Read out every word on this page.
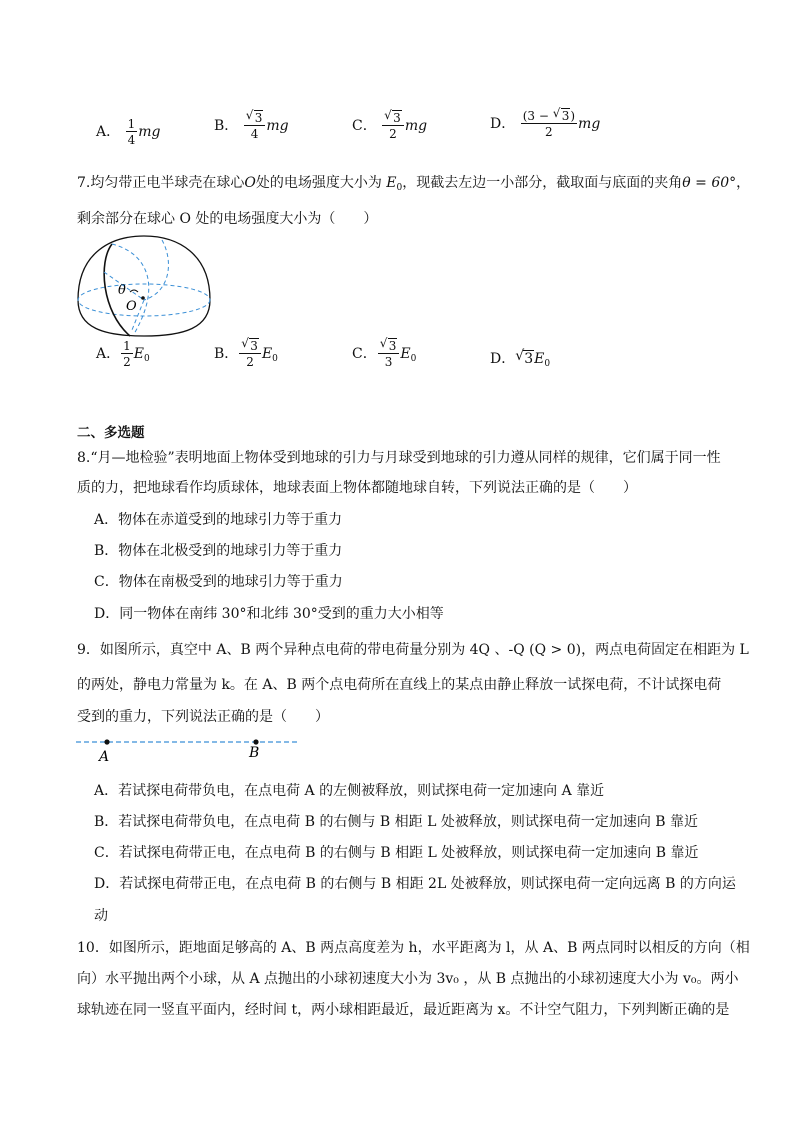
A． $\frac{1}{4}$ mg	B． $\frac{√ 3}{4}$ mg	C． $\frac{√ 3}{2}$ mg	D． $\frac{(3 - √ 3)}{2}$ mg
7.均匀带正电半球壳在球心O处的电场强度大小为 $E_0$，现截去左边一小部分，截取面与底面的夹角θ = 60°，
剩余部分在球心 O 处的电场强度大小为（　　）
θ
O
A． $\frac{1}{2} E_0$	B． $\frac{√ 3}{2} E_0$	C． $\frac{√ 3}{3} E_0$	D． √ $3E_0$
二、多选题
8.“月—地检验”表明地面上物体受到地球的引力与月球受到地球的引力遵从同样的规律，它们属于同一性
质的力，把地球看作均质球体，地球表面上物体都随地球自转，下列说法正确的是（　　）
A．物体在赤道受到的地球引力等于重力
B．物体在北极受到的地球引力等于重力
C．物体在南极受到的地球引力等于重力
D．同一物体在南纬 30°和北纬 30°受到的重力大小相等
9．如图所示，真空中 A、B 两个异种点电荷的带电荷量分别为 4Q 、-Q (Q > 0)，两点电荷固定在相距为 L
的两处，静电力常量为 k。在 A、B 两个点电荷所在直线上的某点由静止释放一试探电荷，不计试探电荷
受到的重力，下列说法正确的是（　　）
A	B
A．若试探电荷带负电，在点电荷 A 的左侧被释放，则试探电荷一定加速向 A 靠近
B．若试探电荷带负电，在点电荷 B 的右侧与 B 相距 L 处被释放，则试探电荷一定加速向 B 靠近
C．若试探电荷带正电，在点电荷 B 的右侧与 B 相距 L 处被释放，则试探电荷一定加速向 B 靠近
D．若试探电荷带正电，在点电荷 B 的右侧与 B 相距 2L 处被释放，则试探电荷一定向远离 B 的方向运
动
10．如图所示，距地面足够高的 A、B 两点高度差为 h，水平距离为 l，从 A、B 两点同时以相反的方向（相
向）水平抛出两个小球，从 A 点抛出的小球初速度大小为 3v₀ ，从 B 点抛出的小球初速度大小为 v₀。两小
球轨迹在同一竖直平面内，经时间 t，两小球相距最近，最近距离为 x。不计空气阻力，下列判断正确的是
